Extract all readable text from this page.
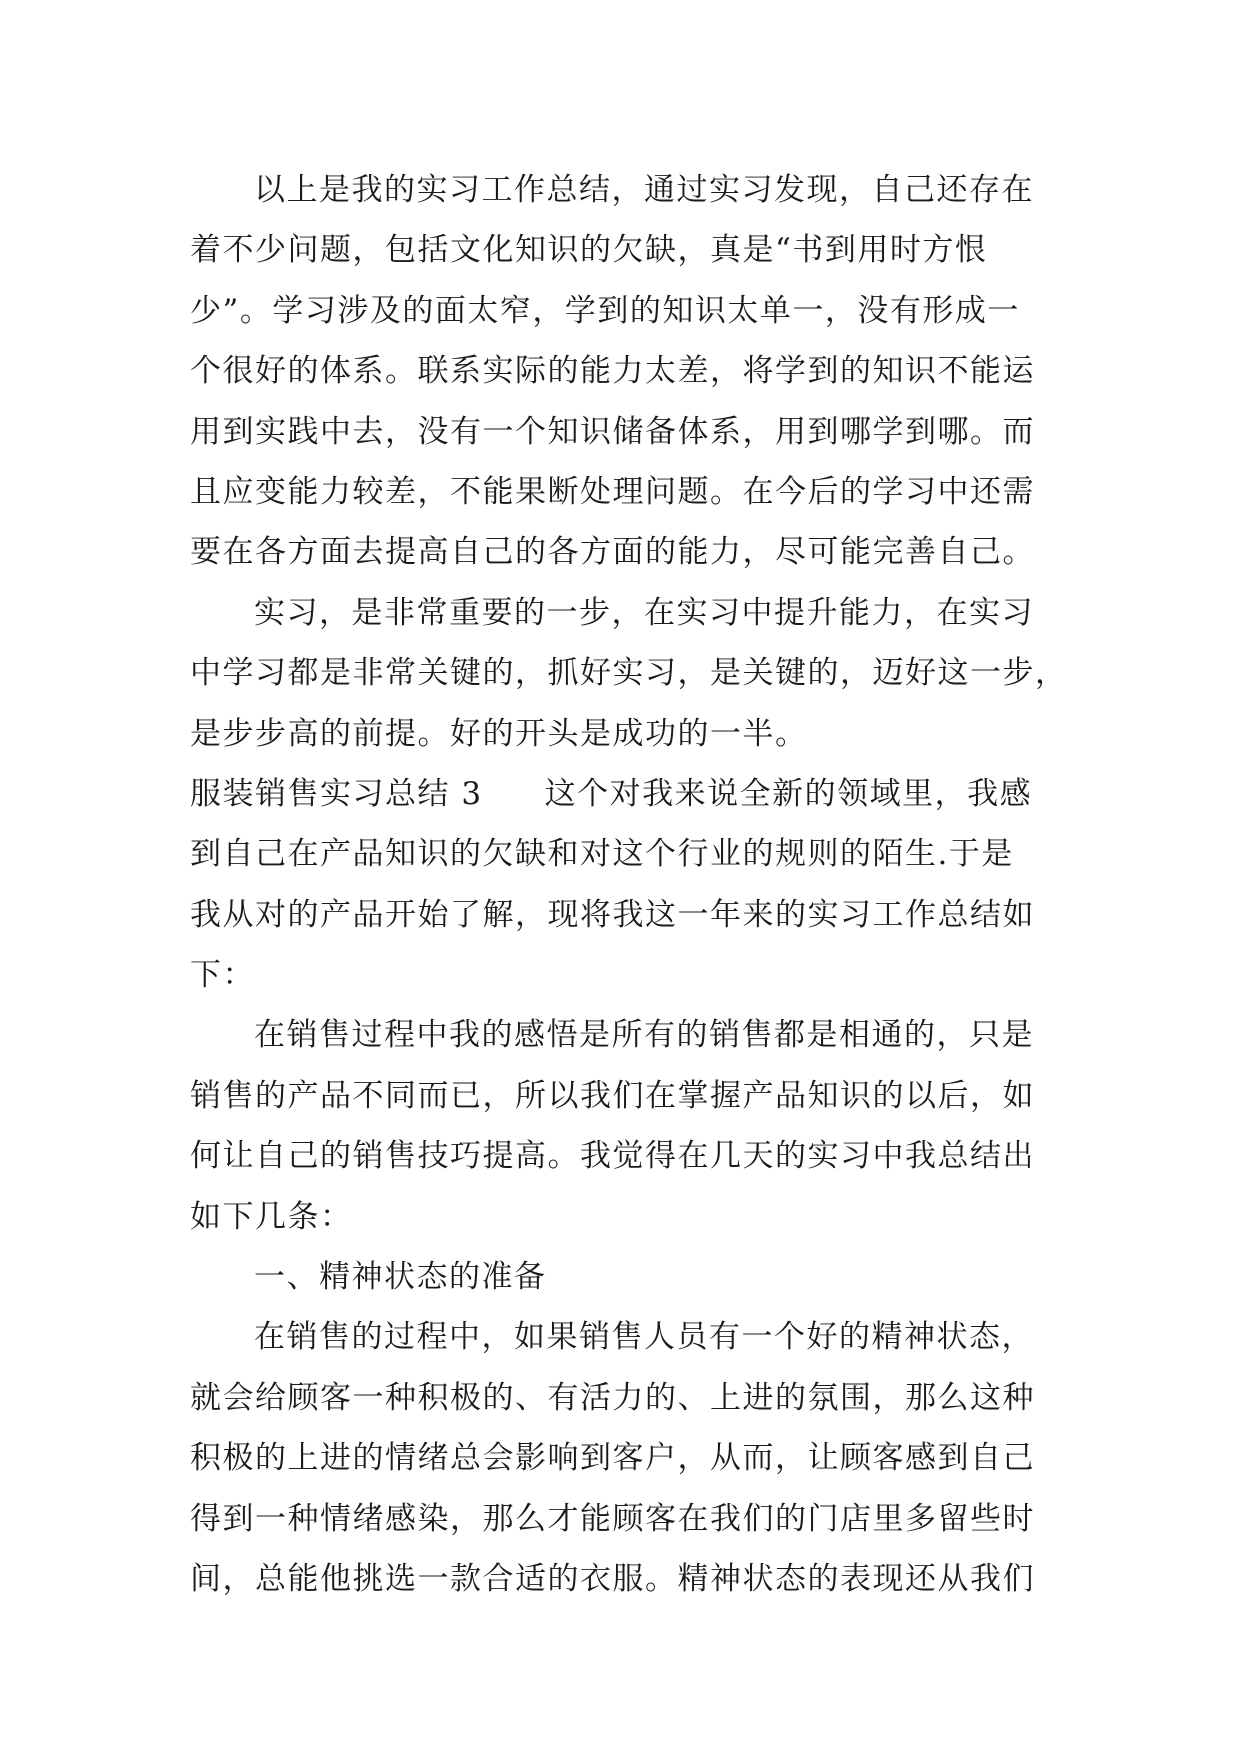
以上是我的实习工作总结，通过实习发现，自己还存在
着不少问题，包括文化知识的欠缺，真是“书到用时方恨
少”。学习涉及的面太窄，学到的知识太单一，没有形成一
个很好的体系。联系实际的能力太差，将学到的知识不能运
用到实践中去，没有一个知识储备体系，用到哪学到哪。而
且应变能力较差，不能果断处理问题。在今后的学习中还需
要在各方面去提高自己的各方面的能力，尽可能完善自己。
实习，是非常重要的一步，在实习中提升能力，在实习
中学习都是非常关键的，抓好实习，是关键的，迈好这一步，
是步步高的前提。好的开头是成功的一半。
服装销售实习总结 3 这个对我来说全新的领域里，我感
到自己在产品知识的欠缺和对这个行业的规则的陌生.于是
我从对的产品开始了解，现将我这一年来的实习工作总结如
下：
在销售过程中我的感悟是所有的销售都是相通的，只是
销售的产品不同而已，所以我们在掌握产品知识的以后，如
何让自己的销售技巧提高。我觉得在几天的实习中我总结出
如下几条：
一、精神状态的准备
在销售的过程中，如果销售人员有一个好的精神状态，
就会给顾客一种积极的、有活力的、上进的氛围，那么这种
积极的上进的情绪总会影响到客户，从而，让顾客感到自己
得到一种情绪感染，那么才能顾客在我们的门店里多留些时
间，总能他挑选一款合适的衣服。精神状态的表现还从我们
